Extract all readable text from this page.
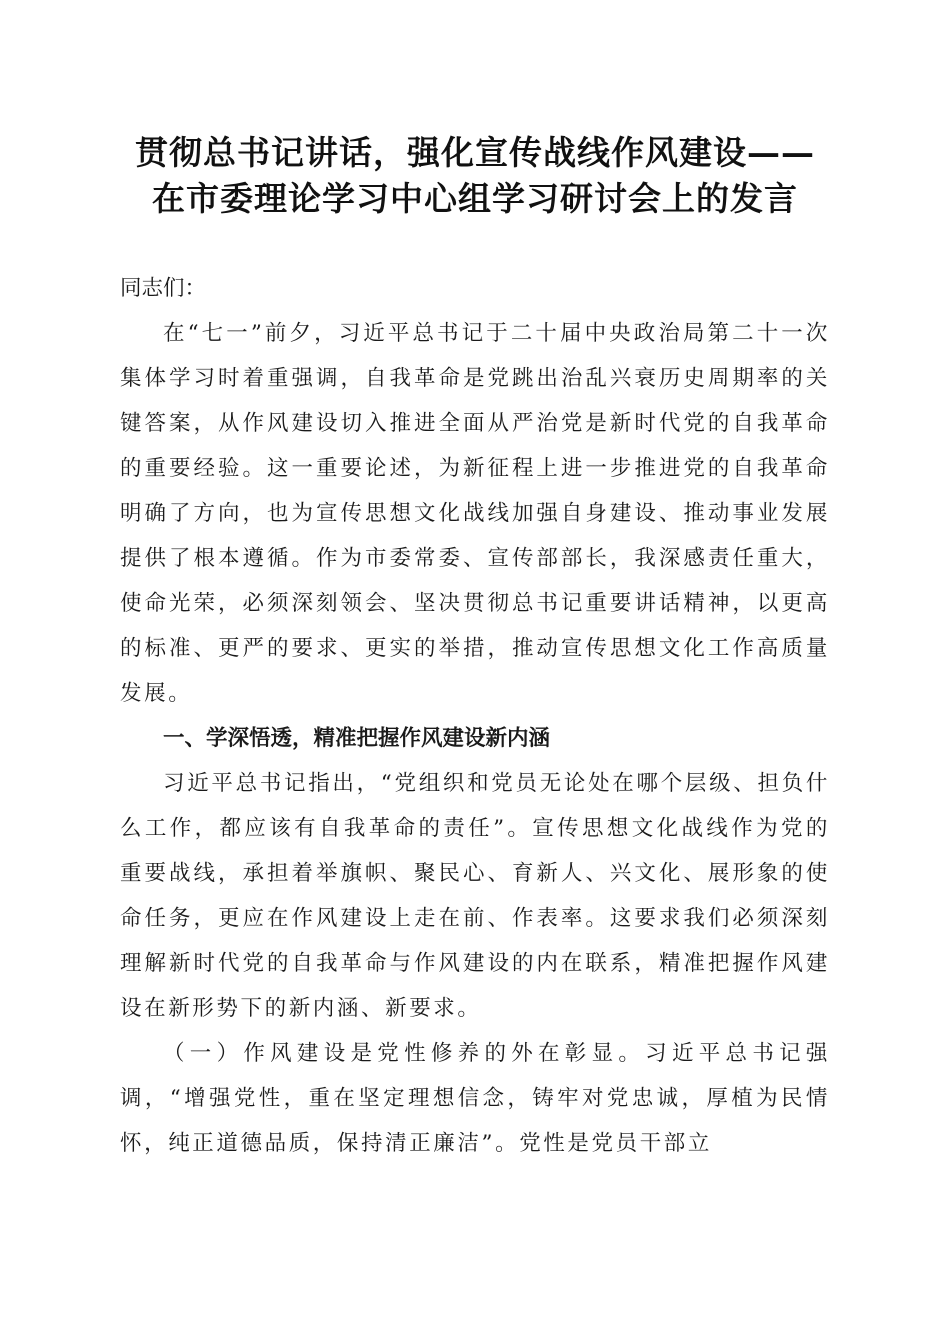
贯彻总书记讲话，强化宣传战线作风建设——
在市委理论学习中心组学习研讨会上的发言

同志们：

在“七一”前夕，习近平总书记于二十届中央政治局第二十一次集体学习时着重强调，自我革命是党跳出治乱兴衰历史周期率的关键答案，从作风建设切入推进全面从严治党是新时代党的自我革命的重要经验。这一重要论述，为新征程上进一步推进党的自我革命明确了方向，也为宣传思想文化战线加强自身建设、推动事业发展提供了根本遵循。作为市委常委、宣传部部长，我深感责任重大，使命光荣，必须深刻领会、坚决贯彻总书记重要讲话精神，以更高的标准、更严的要求、更实的举措，推动宣传思想文化工作高质量发展。

一、学深悟透，精准把握作风建设新内涵

习近平总书记指出，“党组织和党员无论处在哪个层级、担负什么工作，都应该有自我革命的责任”。宣传思想文化战线作为党的重要战线，承担着举旗帜、聚民心、育新人、兴文化、展形象的使命任务，更应在作风建设上走在前、作表率。这要求我们必须深刻理解新时代党的自我革命与作风建设的内在联系，精准把握作风建设在新形势下的新内涵、新要求。

（一）作风建设是党性修养的外在彰显。习近平总书记强调，“增强党性，重在坚定理想信念，铸牢对党忠诚，厚植为民情怀，纯正道德品质，保持清正廉洁”。党性是党员干部立
